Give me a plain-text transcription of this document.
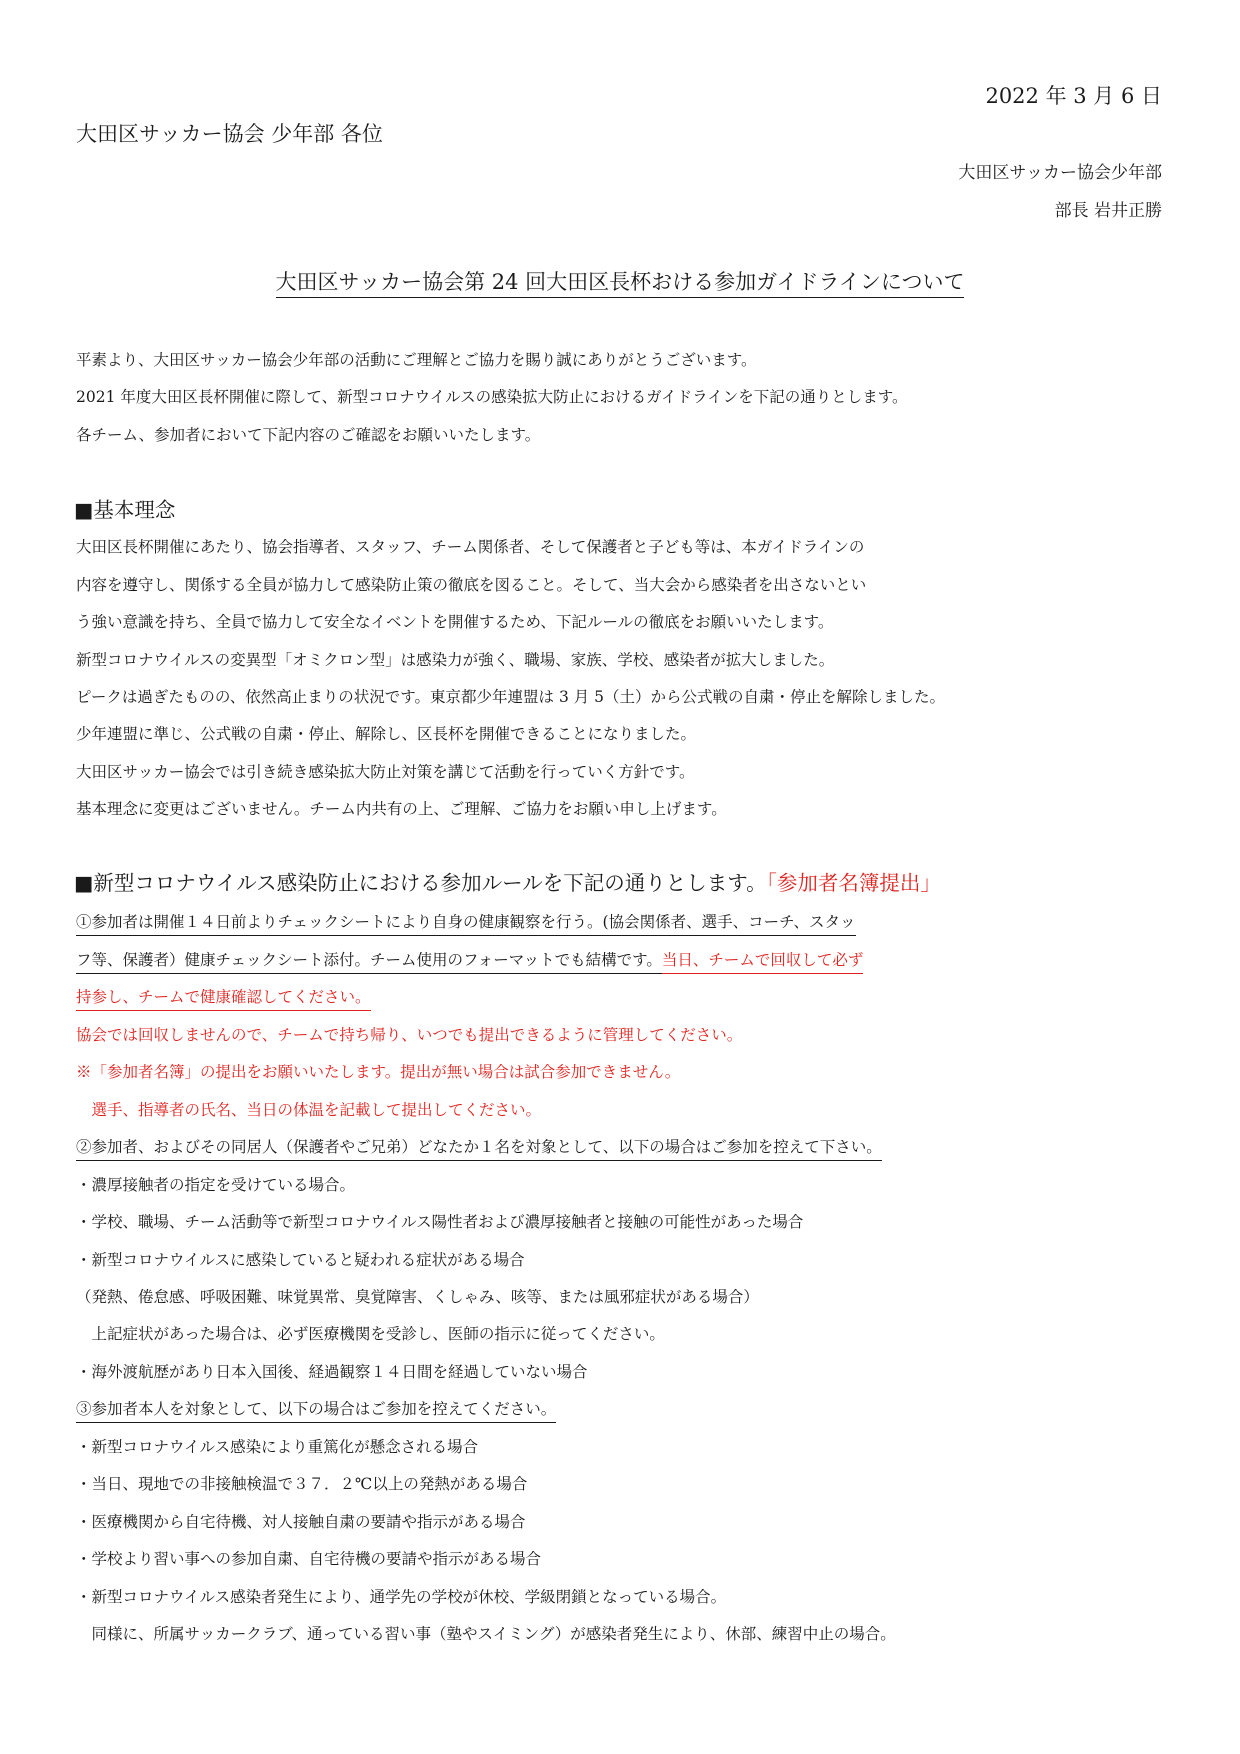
2022 年 3 月 6 日
大田区サッカー協会 少年部 各位
大田区サッカー協会少年部
部長 岩井正勝
大田区サッカー協会第 24 回大田区長杯おける参加ガイドラインについて
平素より、大田区サッカー協会少年部の活動にご理解とご協力を賜り誠にありがとうございます。
2021 年度大田区長杯開催に際して、新型コロナウイルスの感染拡大防止におけるガイドラインを下記の通りとします。
各チーム、参加者において下記内容のご確認をお願いいたします。
■基本理念
大田区長杯開催にあたり、協会指導者、スタッフ、チーム関係者、そして保護者と子ども等は、本ガイドラインの
内容を遵守し、関係する全員が協力して感染防止策の徹底を図ること。そして、当大会から感染者を出さないとい
う強い意識を持ち、全員で協力して安全なイベントを開催するため、下記ルールの徹底をお願いいたします。
新型コロナウイルスの変異型「オミクロン型」は感染力が強く、職場、家族、学校、感染者が拡大しました。
ピークは過ぎたものの、依然高止まりの状況です。東京都少年連盟は 3 月 5（土）から公式戦の自粛・停止を解除しました。
少年連盟に準じ、公式戦の自粛・停止、解除し、区長杯を開催できることになりました。
大田区サッカー協会では引き続き感染拡大防止対策を講じて活動を行っていく方針です。
基本理念に変更はございません。チーム内共有の上、ご理解、ご協力をお願い申し上げます。
■新型コロナウイルス感染防止における参加ルールを下記の通りとします。「参加者名簿提出」
①参加者は開催１４日前よりチェックシートにより自身の健康観察を行う。(協会関係者、選手、コーチ、スタッ
フ等、保護者）健康チェックシート添付。チーム使用のフォーマットでも結構です。当日、チームで回収して必ず
持参し、チームで健康確認してください。
協会では回収しませんので、チームで持ち帰り、いつでも提出できるように管理してください。
※「参加者名簿」の提出をお願いいたします。提出が無い場合は試合参加できません。
　選手、指導者の氏名、当日の体温を記載して提出してください。
②参加者、およびその同居人（保護者やご兄弟）どなたか１名を対象として、以下の場合はご参加を控えて下さい。
・濃厚接触者の指定を受けている場合。
・学校、職場、チーム活動等で新型コロナウイルス陽性者および濃厚接触者と接触の可能性があった場合
・新型コロナウイルスに感染していると疑われる症状がある場合
（発熱、倦怠感、呼吸困難、味覚異常、臭覚障害、くしゃみ、咳等、または風邪症状がある場合）
　上記症状があった場合は、必ず医療機関を受診し、医師の指示に従ってください。
・海外渡航歴があり日本入国後、経過観察１４日間を経過していない場合
③参加者本人を対象として、以下の場合はご参加を控えてください。
・新型コロナウイルス感染により重篤化が懸念される場合
・当日、現地での非接触検温で３７．２℃以上の発熱がある場合
・医療機関から自宅待機、対人接触自粛の要請や指示がある場合
・学校より習い事への参加自粛、自宅待機の要請や指示がある場合
・新型コロナウイルス感染者発生により、通学先の学校が休校、学級閉鎖となっている場合。
　同様に、所属サッカークラブ、通っている習い事（塾やスイミング）が感染者発生により、休部、練習中止の場合。
